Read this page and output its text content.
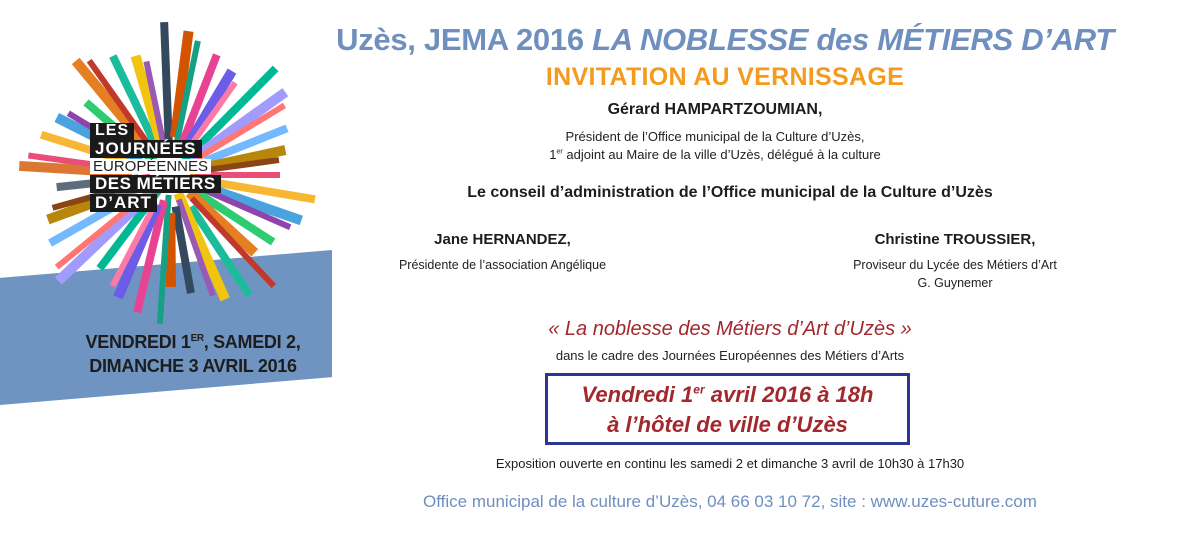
LES
JOURNÉES
EUROPÉENNES
DES MÉTIERS
D’ART
VENDREDI 1ER, SAMEDI 2,
DIMANCHE 3 AVRIL 2016
Uzès, JEMA 2016 LA NOBLESSE des MÉTIERS D’ART
INVITATION AU VERNISSAGE
Gérard HAMPARTZOUMIAN,
Président de l’Office municipal de la Culture d’Uzès,
1er adjoint au Maire de la ville d’Uzès, délégué à la culture
Le conseil d’administration de l’Office municipal de la Culture d’Uzès
Jane HERNANDEZ,
Présidente de l’association Angélique
Christine TROUSSIER,
Proviseur du Lycée des Métiers d’Art
G. Guynemer
« La noblesse des Métiers d’Art d’Uzès »
dans le cadre des Journées Européennes des Métiers d’Arts
Vendredi 1er avril 2016 à 18h
à l’hôtel de ville d’Uzès
Exposition ouverte en continu les samedi 2 et dimanche 3 avril de 10h30 à 17h30
Office municipal de la culture d’Uzès, 04 66 03 10 72, site : www.uzes-cuture.com
